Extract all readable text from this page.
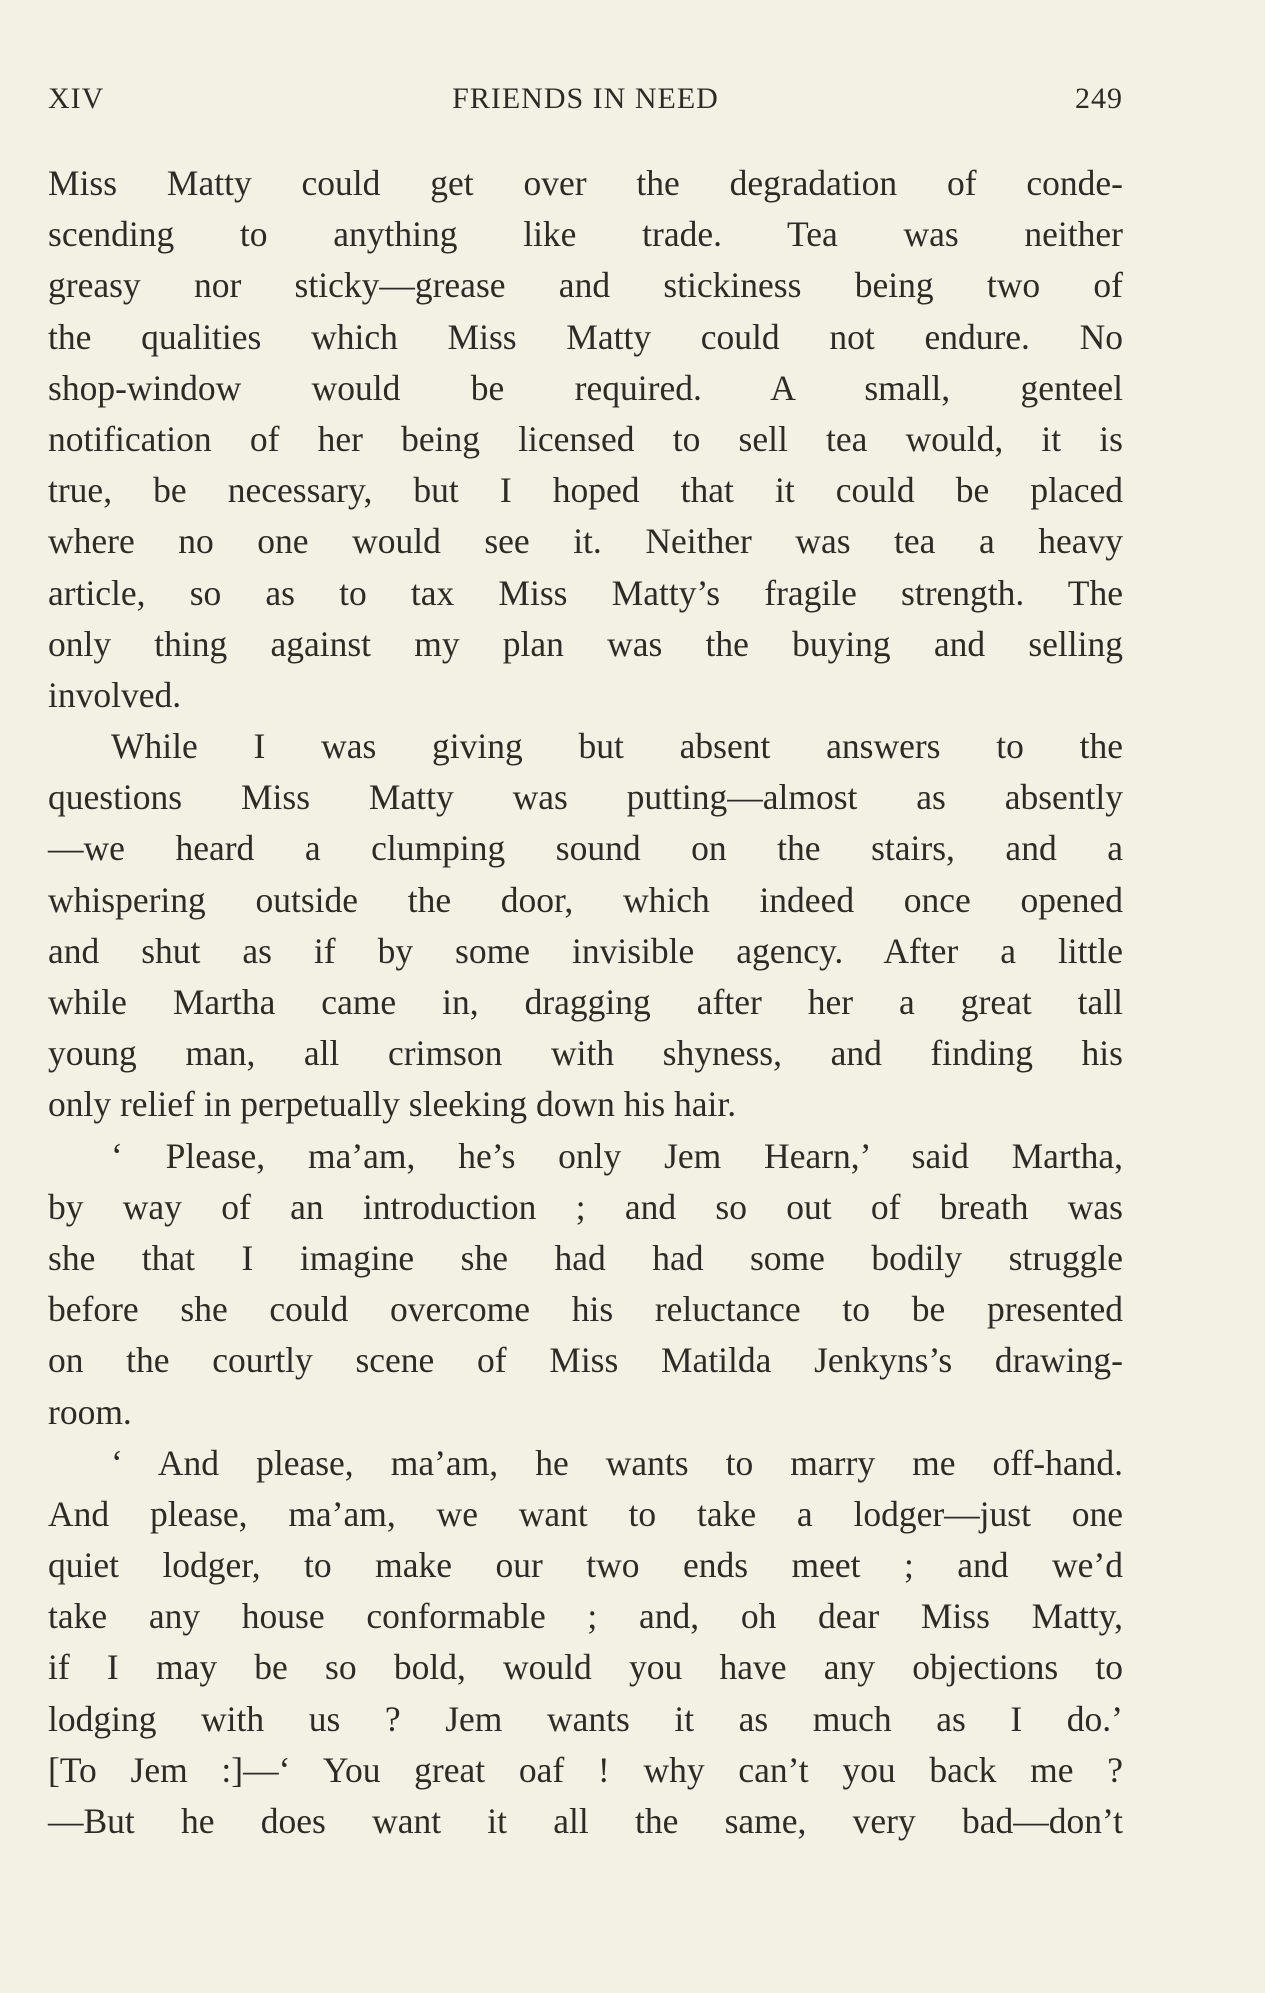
XIV	FRIENDS IN NEED	249
Miss Matty could get over the degradation of conde-
scending to anything like trade. Tea was neither
greasy nor sticky—grease and stickiness being two of
the qualities which Miss Matty could not endure. No
shop-window would be required. A small, genteel
notification of her being licensed to sell tea would, it is
true, be necessary, but I hoped that it could be placed
where no one would see it. Neither was tea a heavy
article, so as to tax Miss Matty’s fragile strength. The
only thing against my plan was the buying and selling
involved.
While I was giving but absent answers to the
questions Miss Matty was putting—almost as absently
—we heard a clumping sound on the stairs, and a
whispering outside the door, which indeed once opened
and shut as if by some invisible agency. After a little
while Martha came in, dragging after her a great tall
young man, all crimson with shyness, and finding his
only relief in perpetually sleeking down his hair.
‘ Please, ma’am, he’s only Jem Hearn,’ said Martha,
by way of an introduction ; and so out of breath was
she that I imagine she had had some bodily struggle
before she could overcome his reluctance to be presented
on the courtly scene of Miss Matilda Jenkyns’s drawing-
room.
‘ And please, ma’am, he wants to marry me off-hand.
And please, ma’am, we want to take a lodger—just one
quiet lodger, to make our two ends meet ; and we’d
take any house conformable ; and, oh dear Miss Matty,
if I may be so bold, would you have any objections to
lodging with us ? Jem wants it as much as I do.’
[To Jem :]—‘ You great oaf ! why can’t you back me ?
—But he does want it all the same, very bad—don’t
